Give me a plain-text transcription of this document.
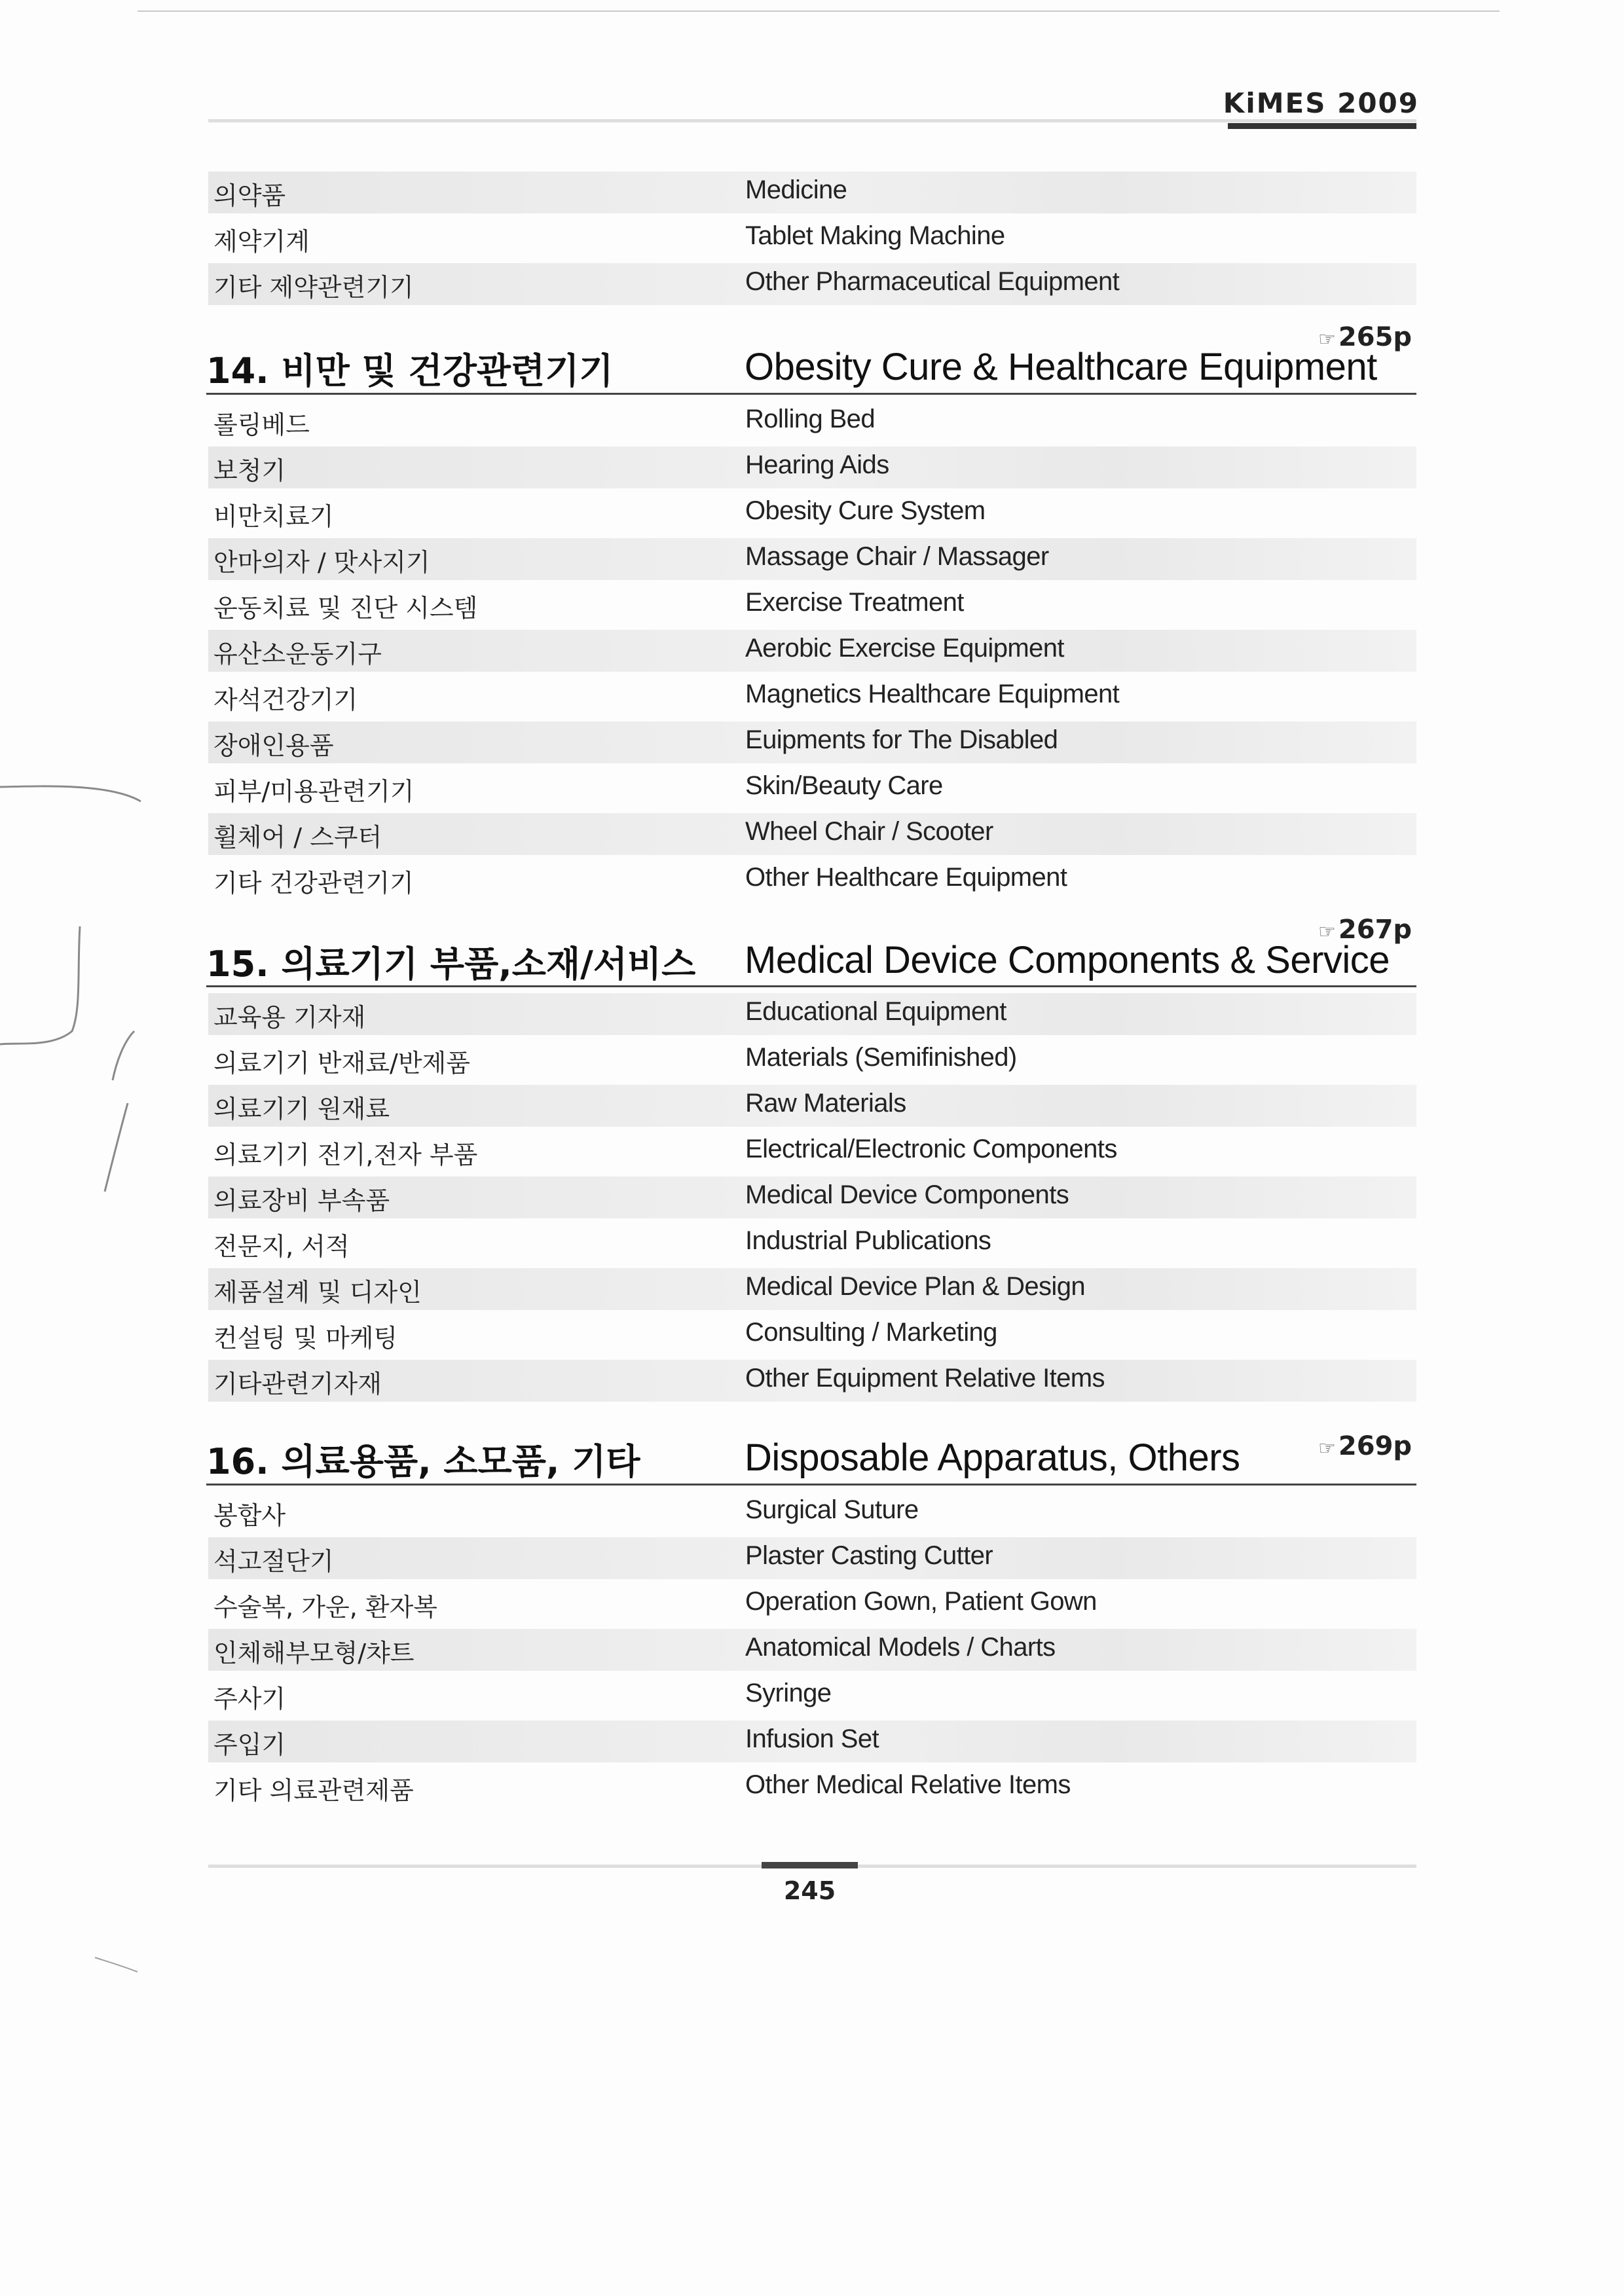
KiMES 2009
의약품	Medicine
제약기계	Tablet Making Machine
기타 제약관련기기	Other Pharmaceutical Equipment
☞ 265p
14. 비만 및 건강관련기기	Obesity Cure & Healthcare Equipment
롤링베드	Rolling Bed
보청기	Hearing Aids
비만치료기	Obesity Cure System
안마의자 / 맛사지기	Massage Chair / Massager
운동치료 및 진단 시스템	Exercise Treatment
유산소운동기구	Aerobic Exercise Equipment
자석건강기기	Magnetics Healthcare Equipment
장애인용품	Euipments for The Disabled
피부/미용관련기기	Skin/Beauty Care
휠체어 / 스쿠터	Wheel Chair / Scooter
기타 건강관련기기	Other Healthcare Equipment
☞ 267p
15. 의료기기 부품,소재/서비스 Medical Device Components & Service
교육용 기자재	Educational Equipment
의료기기 반재료/반제품	Materials (Semifinished)
의료기기 원재료	Raw Materials
의료기기 전기,전자 부품	Electrical/Electronic Components
의료장비 부속품	Medical Device Components
전문지, 서적	Industrial Publications
제품설계 및 디자인	Medical Device Plan & Design
컨설팅 및 마케팅	Consulting / Marketing
기타관련기자재	Other Equipment Relative Items
☞ 269p
16. 의료용품, 소모품, 기타	Disposable Apparatus, Others
봉합사	Surgical Suture
석고절단기	Plaster Casting Cutter
수술복, 가운, 환자복	Operation Gown, Patient Gown
인체해부모형/챠트	Anatomical Models / Charts
주사기	Syringe
주입기	Infusion Set
기타 의료관련제품	Other Medical Relative Items
245
